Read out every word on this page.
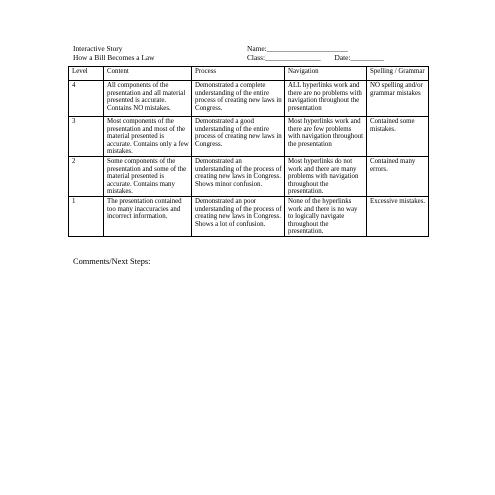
Interactive Story
How a Bill Becomes a Law
Name:______________________
Class:_______________ Date:_________
Level	Content	Process	Navigation	Spelling / Grammar
4	All components of the presentation and all material presented is accurate. Contains NO mistakes.	Demonstrated a complete understanding of the entire process of creating new laws in Congress.	ALL hyperlinks work and there are no problems with navigation throughout the presentation	NO spelling and/or grammar mistakes
3	Most components of the presentation and most of the material presented is accurate. Contains only a few mistakes.	Demonstrated a good understanding of the entire process of creating new laws in Congress.	Most hyperlinks work and there are few problems with navigation throughout the presentation	Contained some mistakes.
2	Some components of the presentation and some of the material presented is accurate. Contains many mistakes.	Demonstrated an understanding of the process of creating new laws in Congress. Shows minor confusion.	Most hyperlinks do not work and there are many problems with navigation throughout the presentation.	Contained many errors.
1	The presentation contained too many inaccuracies and incorrect information.	Demonstrated an poor understanding of the process of creating new laws in Congress. Shows a lot of confusion.	None of the hyperlinks work and there is no way to logically navigate throughout the presentation.	Excessive mistakes.
Comments/Next Steps:
